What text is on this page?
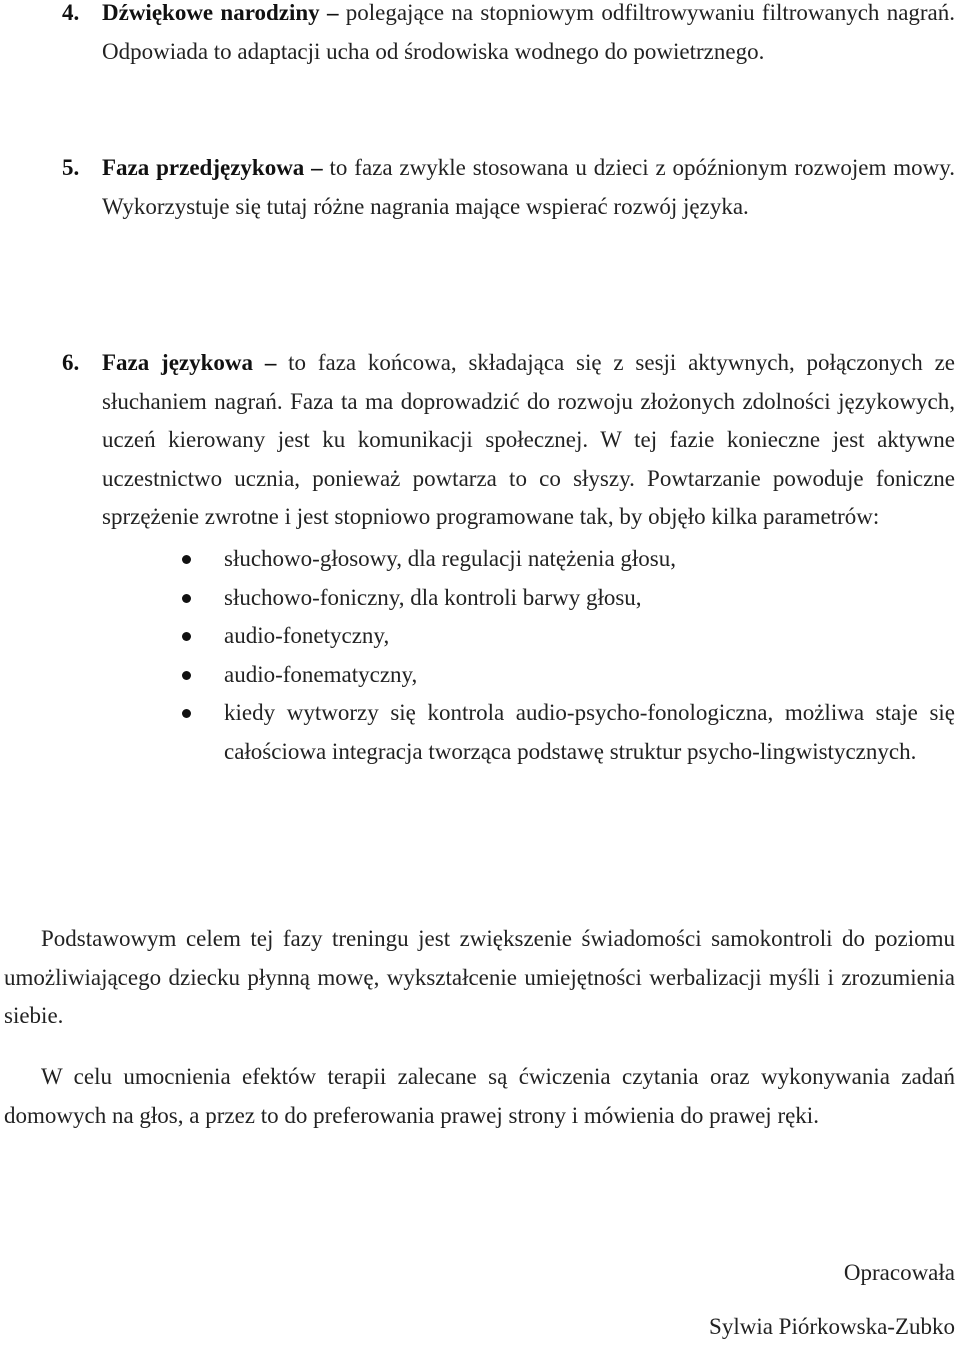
4. Dźwiękowe narodziny – polegające na stopniowym odfiltrowywaniu filtrowanych nagrań. Odpowiada to adaptacji ucha od środowiska wodnego do powietrznego.
5. Faza przedjęzykowa – to faza zwykle stosowana u dzieci z opóźnionym rozwojem mowy. Wykorzystuje się tutaj różne nagrania mające wspierać rozwój języka.
6. Faza językowa – to faza końcowa, składająca się z sesji aktywnych, połączonych ze słuchaniem nagrań. Faza ta ma doprowadzić do rozwoju złożonych zdolności językowych, uczeń kierowany jest ku komunikacji społecznej. W tej fazie konieczne jest aktywne uczestnictwo ucznia, ponieważ powtarza to co słyszy. Powtarzanie powoduje foniczne sprzężenie zwrotne i jest stopniowo programowane tak, by objęło kilka parametrów:
słuchowo-głosowy, dla regulacji natężenia głosu,
słuchowo-foniczny, dla kontroli barwy głosu,
audio-fonetyczny,
audio-fonematyczny,
kiedy wytworzy się kontrola audio-psycho-fonologiczna, możliwa staje się całościowa integracja tworząca podstawę struktur psycho-lingwistycznych.

Podstawowym celem tej fazy treningu jest zwiększenie świadomości samokontroli do poziomu umożliwiającego dziecku płynną mowę, wykształcenie umiejętności werbalizacji myśli i zrozumienia siebie.

W celu umocnienia efektów terapii zalecane są ćwiczenia czytania oraz wykonywania zadań domowych na głos, a przez to do preferowania prawej strony i mówienia do prawej ręki.

Opracowała
Sylwia Piórkowska-Zubko
